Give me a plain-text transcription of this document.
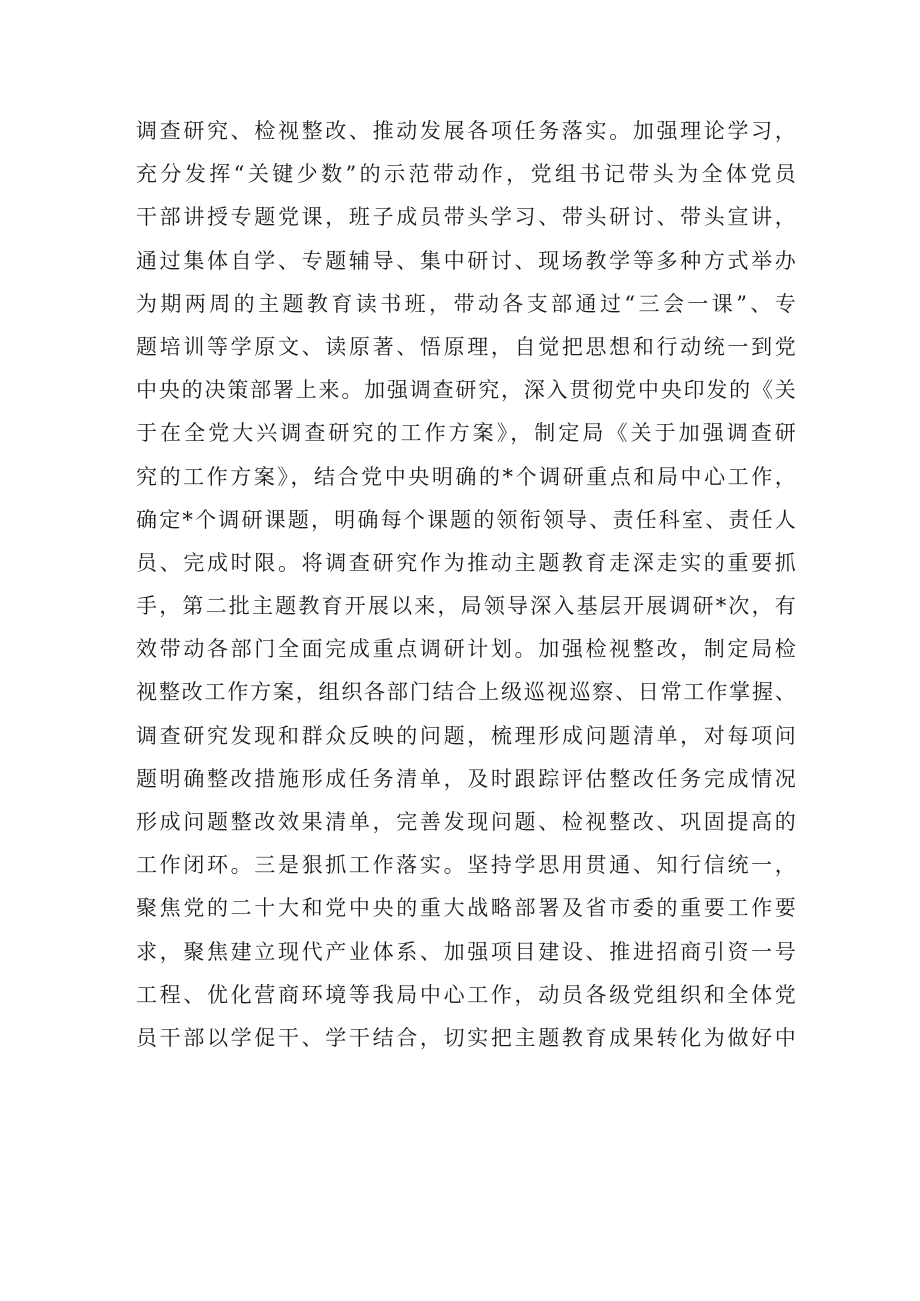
调查研究、检视整改、推动发展各项任务落实。加强理论学习，
充分发挥“关键少数”的示范带动作，党组书记带头为全体党员
干部讲授专题党课，班子成员带头学习、带头研讨、带头宣讲，
通过集体自学、专题辅导、集中研讨、现场教学等多种方式举办
为期两周的主题教育读书班，带动各支部通过“三会一课”、专
题培训等学原文、读原著、悟原理，自觉把思想和行动统一到党
中央的决策部署上来。加强调查研究，深入贯彻党中央印发的《关
于在全党大兴调查研究的工作方案》，制定局《关于加强调查研
究的工作方案》，结合党中央明确的*个调研重点和局中心工作，
确定*个调研课题，明确每个课题的领衔领导、责任科室、责任人
员、完成时限。将调查研究作为推动主题教育走深走实的重要抓
手，第二批主题教育开展以来，局领导深入基层开展调研*次，有
效带动各部门全面完成重点调研计划。加强检视整改，制定局检
视整改工作方案，组织各部门结合上级巡视巡察、日常工作掌握、
调查研究发现和群众反映的问题，梳理形成问题清单，对每项问
题明确整改措施形成任务清单，及时跟踪评估整改任务完成情况
形成问题整改效果清单，完善发现问题、检视整改、巩固提高的
工作闭环。三是狠抓工作落实。坚持学思用贯通、知行信统一，
聚焦党的二十大和党中央的重大战略部署及省市委的重要工作要
求，聚焦建立现代产业体系、加强项目建设、推进招商引资一号
工程、优化营商环境等我局中心工作，动员各级党组织和全体党
员干部以学促干、学干结合，切实把主题教育成果转化为做好中
